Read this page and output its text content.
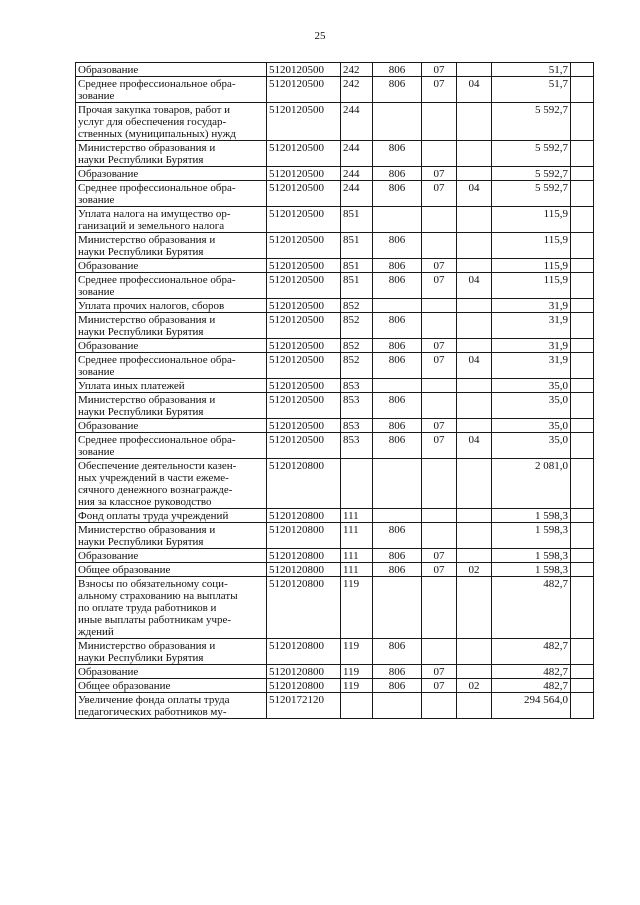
25
Образование	5120120500	242	806	07		51,7	
Среднее профессиональное обра-
зование	5120120500	242	806	07	04	51,7	
Прочая закупка товаров, работ и
услуг для обеспечения государ-
ственных (муниципальных) нужд	5120120500	244				5 592,7	
Министерство образования и
науки Республики Бурятия	5120120500	244	806			5 592,7	
Образование	5120120500	244	806	07		5 592,7	
Среднее профессиональное обра-
зование	5120120500	244	806	07	04	5 592,7	
Уплата налога на имущество ор-
ганизаций и земельного налога	5120120500	851				115,9	
Министерство образования и
науки Республики Бурятия	5120120500	851	806			115,9	
Образование	5120120500	851	806	07		115,9	
Среднее профессиональное обра-
зование	5120120500	851	806	07	04	115,9	
Уплата прочих налогов, сборов	5120120500	852				31,9	
Министерство образования и
науки Республики Бурятия	5120120500	852	806			31,9	
Образование	5120120500	852	806	07		31,9	
Среднее профессиональное обра-
зование	5120120500	852	806	07	04	31,9	
Уплата иных платежей	5120120500	853				35,0	
Министерство образования и
науки Республики Бурятия	5120120500	853	806			35,0	
Образование	5120120500	853	806	07		35,0	
Среднее профессиональное обра-
зование	5120120500	853	806	07	04	35,0	
Обеспечение деятельности казен-
ных учреждений в части ежеме-
сячного денежного вознагражде-
ния за классное руководство	5120120800					2 081,0	
Фонд оплаты труда учреждений	5120120800	111				1 598,3	
Министерство образования и
науки Республики Бурятия	5120120800	111	806			1 598,3	
Образование	5120120800	111	806	07		1 598,3	
Общее образование	5120120800	111	806	07	02	1 598,3	
Взносы по обязательному соци-
альному страхованию на выплаты
по оплате труда работников и
иные выплаты работникам учре-
ждений	5120120800	119				482,7	
Министерство образования и
науки Республики Бурятия	5120120800	119	806			482,7	
Образование	5120120800	119	806	07		482,7	
Общее образование	5120120800	119	806	07	02	482,7	
Увеличение фонда оплаты труда
педагогических работников му-	5120172120					294 564,0	
